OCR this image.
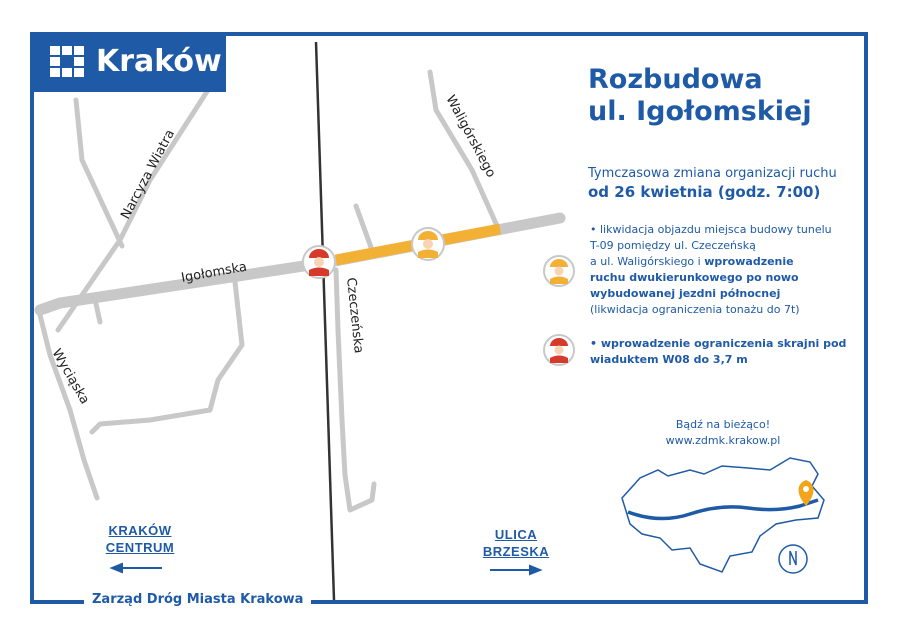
Igołomska
Narcyza Wiatra
Wyciąska
Czeczeńska
Waligórskiego
Kraków
Rozbudowa
ul. Igołomskiej
Tymczasowa zmiana organizacji ruchu
od 26 kwietnia (godz. 7:00)
• likwidacja objazdu miejsca budowy tunelu
T-09 pomiędzy ul. Czeczeńską
a ul. Waligórskiego i wprowadzenie
ruchu dwukierunkowego po nowo
wybudowanej jezdni północnej
(likwidacja ograniczenia tonażu do 7t)
• wprowadzenie ograniczenia skrajni pod
wiaduktem W08 do 3,7 m
Bądź na bieżąco!
www.zdmk.krakow.pl
KRAKÓW
CENTRUM
ULICA
BRZESKA
Zarząd Dróg Miasta Krakowa
